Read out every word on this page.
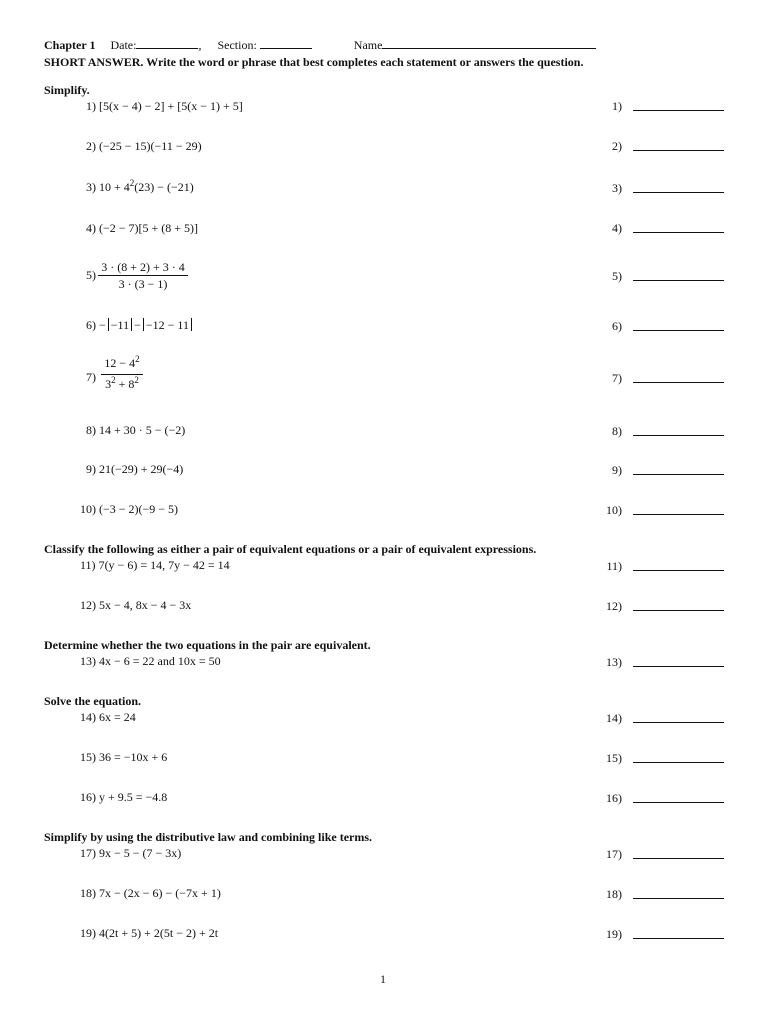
Chapter 1 Date:	,  Section:	Name
SHORT ANSWER. Write the word or phrase that best completes each statement or answers the question.
Simplify.
1) [5(x − 4) − 2] + [5(x − 1) + 5]	1)
2) (−25 − 15)(−11 − 29)	2)
3) $10 + 4^2(23) - (-21)$	3)
4) (−2 − 7)[5 + (8 + 5)]	4)
5)
3 · (8 + 2) + 3 · 4
3 · (3 − 1)
5)
6) − −11 − −12 − 11	6)
7)
$12 - 4^2$
$3^2 + 8^2$	7)
8) 14 + 30 · 5 − (−2)	8)
9) 21(−29) + 29(−4)	9)
10) (−3 − 2)(−9 − 5)	10)
Classify the following as either a pair of equivalent equations or a pair of equivalent expressions.
11) 7(y − 6) = 14, 7y − 42 = 14	11)
12) 5x − 4, 8x − 4 − 3x	12)
Determine whether the two equations in the pair are equivalent.
13) 4x − 6 = 22 and 10x = 50	13)
Solve the equation.
14) 6x = 24	14)
15) 36 = −10x + 6	15)
16) y + 9.5 = −4.8	16)
Simplify by using the distributive law and combining like terms.
17) 9x − 5 − (7 − 3x)	17)
18) 7x − (2x − 6) − (−7x + 1)	18)
19) 4(2t + 5) + 2(5t − 2) + 2t	19)
1
